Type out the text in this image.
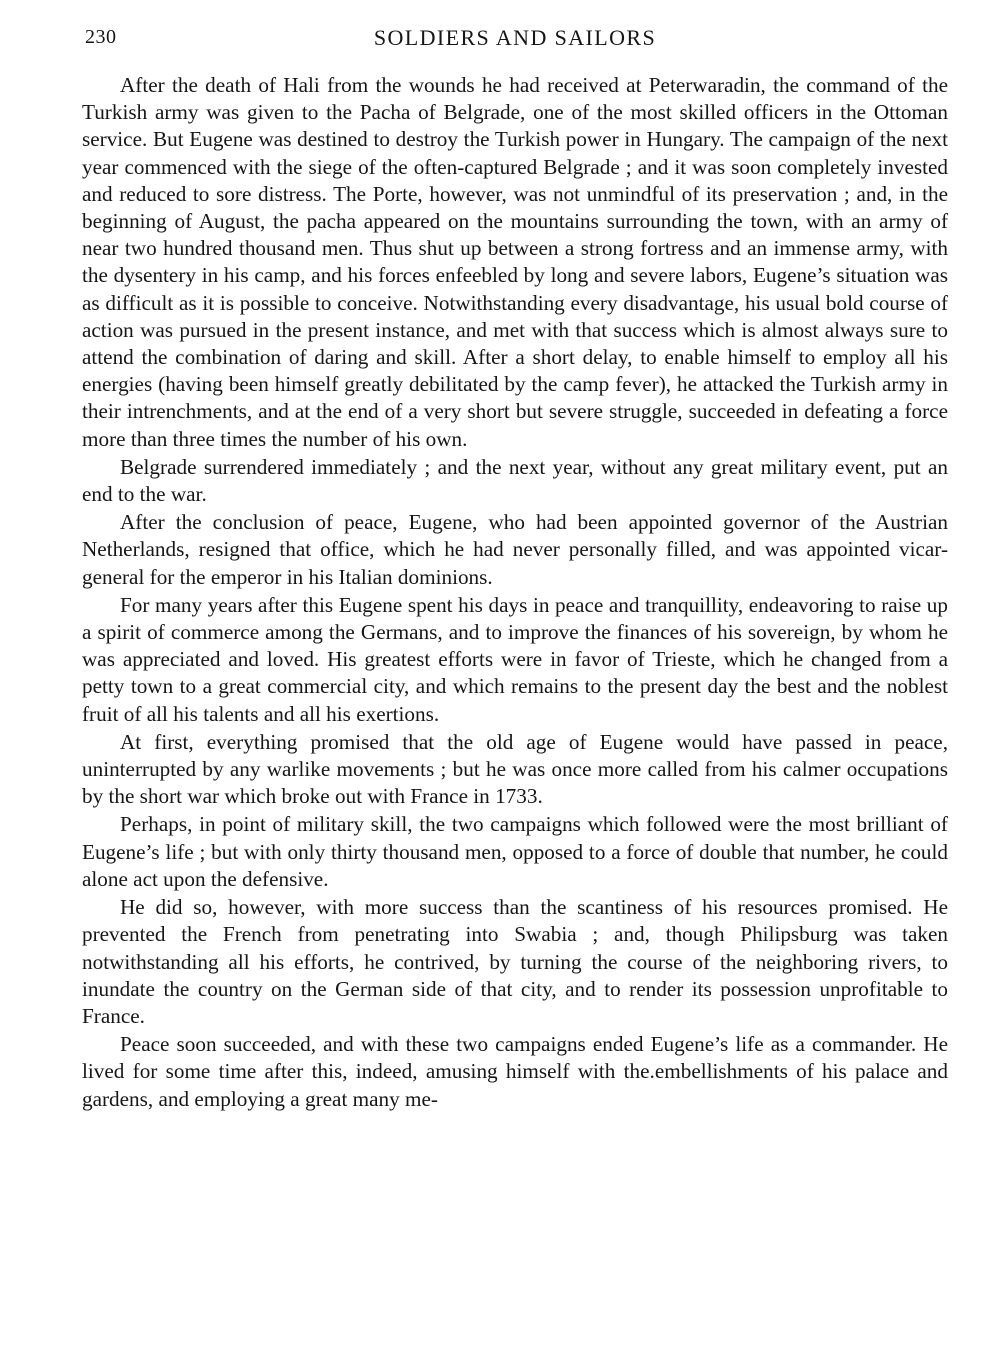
230	SOLDIERS AND SAILORS

After the death of Hali from the wounds he had received at Peterwaradin, the command of the Turkish army was given to the Pacha of Belgrade, one of the most skilled officers in the Ottoman service. But Eugene was destined to destroy the Turkish power in Hungary. The campaign of the next year commenced with the siege of the often-captured Belgrade ; and it was soon completely invested and reduced to sore distress. The Porte, however, was not unmindful of its preservation ; and, in the beginning of August, the pacha appeared on the mountains surrounding the town, with an army of near two hundred thousand men. Thus shut up between a strong fortress and an immense army, with the dysentery in his camp, and his forces enfeebled by long and severe labors, Eugene’s situation was as difficult as it is possible to conceive. Notwithstanding every disadvantage, his usual bold course of action was pursued in the present instance, and met with that success which is almost always sure to attend the combination of daring and skill. After a short delay, to enable himself to employ all his energies (having been himself greatly debilitated by the camp fever), he attacked the Turkish army in their intrenchments, and at the end of a very short but severe struggle, succeeded in defeating a force more than three times the number of his own.

Belgrade surrendered immediately ; and the next year, without any great military event, put an end to the war.

After the conclusion of peace, Eugene, who had been appointed governor of the Austrian Netherlands, resigned that office, which he had never personally filled, and was appointed vicar-general for the emperor in his Italian dominions.

For many years after this Eugene spent his days in peace and tranquillity, endeavoring to raise up a spirit of commerce among the Germans, and to improve the finances of his sovereign, by whom he was appreciated and loved. His greatest efforts were in favor of Trieste, which he changed from a petty town to a great commercial city, and which remains to the present day the best and the noblest fruit of all his talents and all his exertions.

At first, everything promised that the old age of Eugene would have passed in peace, uninterrupted by any warlike movements ; but he was once more called from his calmer occupations by the short war which broke out with France in 1733.

Perhaps, in point of military skill, the two campaigns which followed were the most brilliant of Eugene’s life ; but with only thirty thousand men, opposed to a force of double that number, he could alone act upon the defensive.

He did so, however, with more success than the scantiness of his resources promised. He prevented the French from penetrating into Swabia ; and, though Philipsburg was taken notwithstanding all his efforts, he contrived, by turning the course of the neighboring rivers, to inundate the country on the German side of that city, and to render its possession unprofitable to France.

Peace soon succeeded, and with these two campaigns ended Eugene’s life as a commander. He lived for some time after this, indeed, amusing himself with the.embellishments of his palace and gardens, and employing a great many me-
